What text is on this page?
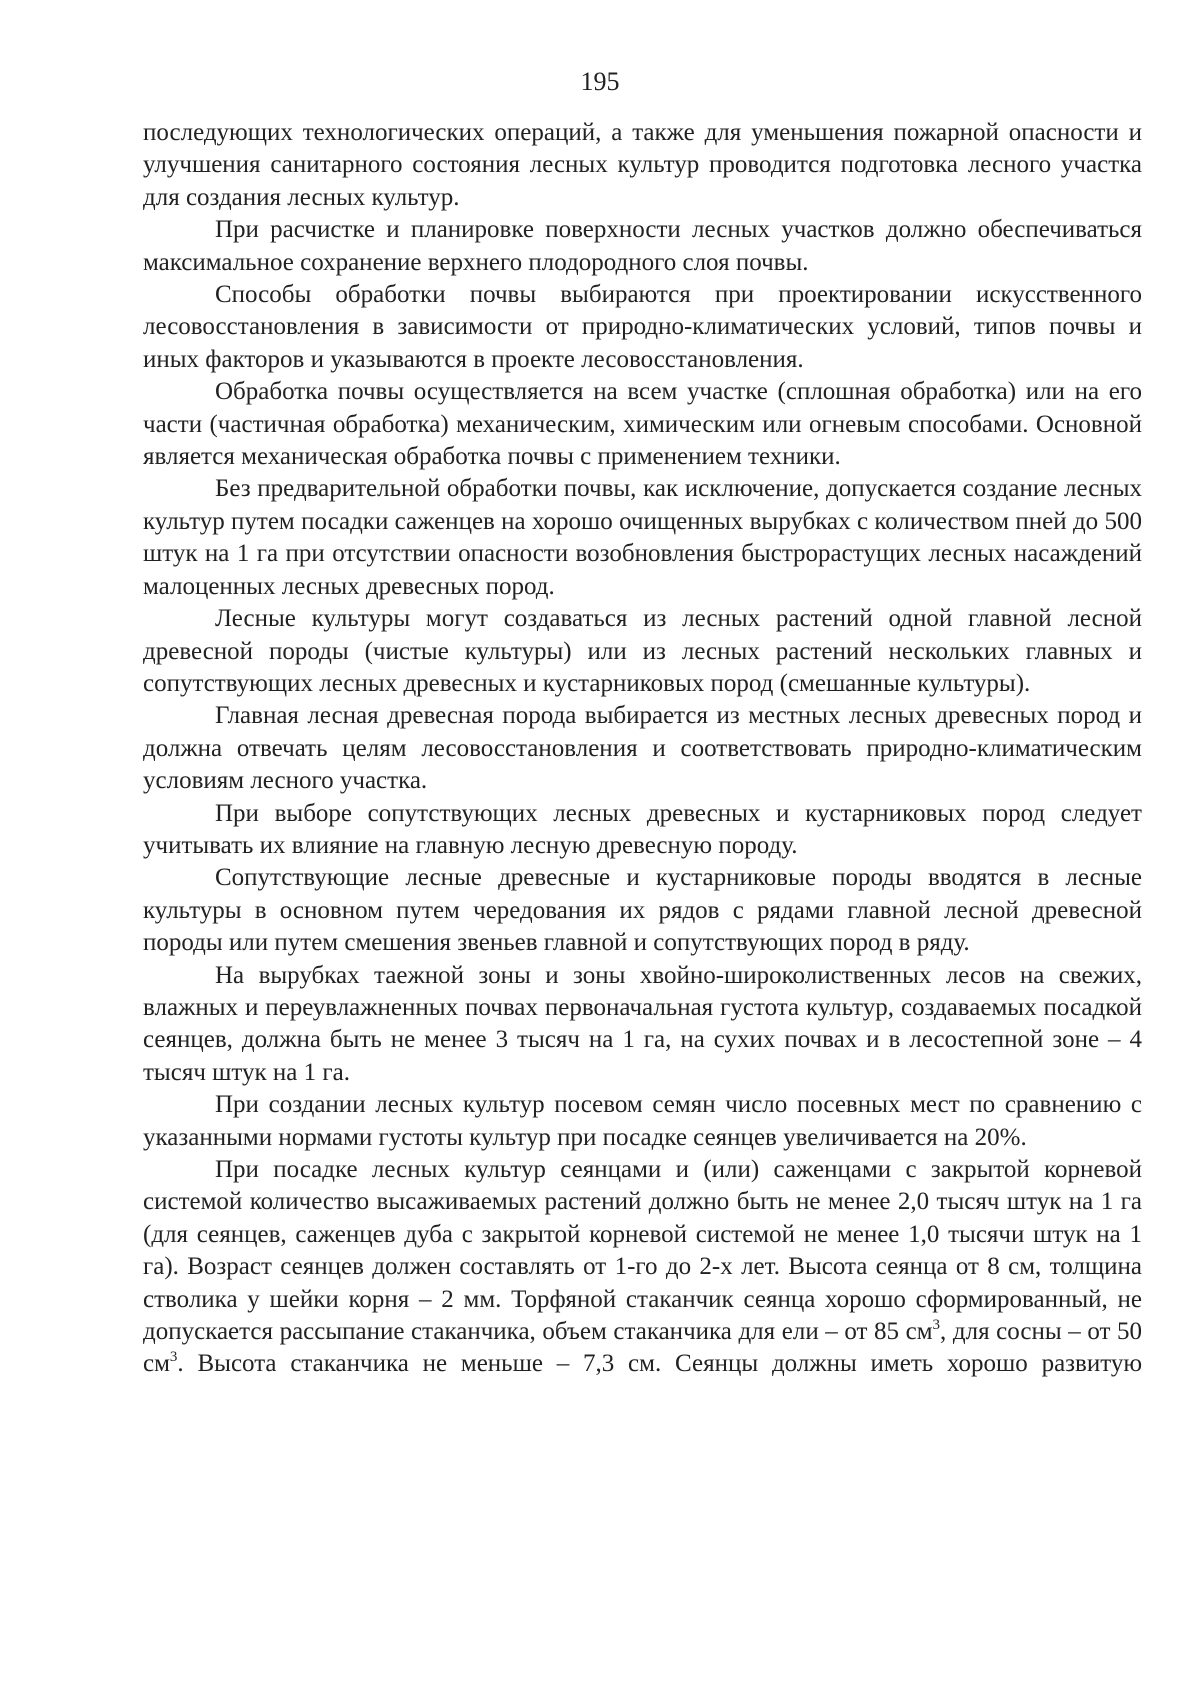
195

последующих технологических операций, а также для уменьшения пожарной опасности и улучшения санитарного состояния лесных культур проводится подготовка лесного участка для создания лесных культур.

При расчистке и планировке поверхности лесных участков должно обеспечиваться максимальное сохранение верхнего плодородного слоя почвы.

Способы обработки почвы выбираются при проектировании искусственного лесовосстановления в зависимости от природно-климатических условий, типов почвы и иных факторов и указываются в проекте лесовосстановления.

Обработка почвы осуществляется на всем участке (сплошная обработка) или на его части (частичная обработка) механическим, химическим или огневым способами. Основной является механическая обработка почвы с применением техники.

Без предварительной обработки почвы, как исключение, допускается создание лесных культур путем посадки саженцев на хорошо очищенных вырубках с количеством пней до 500 штук на 1 га при отсутствии опасности возобновления быстрорастущих лесных насаждений малоценных лесных древесных пород.

Лесные культуры могут создаваться из лесных растений одной главной лесной древесной породы (чистые культуры) или из лесных растений нескольких главных и сопутствующих лесных древесных и кустарниковых пород (смешанные культуры).

Главная лесная древесная порода выбирается из местных лесных древесных пород и должна отвечать целям лесовосстановления и соответствовать природно-климатическим условиям лесного участка.

При выборе сопутствующих лесных древесных и кустарниковых пород следует учитывать их влияние на главную лесную древесную породу.

Сопутствующие лесные древесные и кустарниковые породы вводятся в лесные культуры в основном путем чередования их рядов с рядами главной лесной древесной породы или путем смешения звеньев главной и сопутствующих пород в ряду.

На вырубках таежной зоны и зоны хвойно-широколиственных лесов на свежих, влажных и переувлажненных почвах первоначальная густота культур, создаваемых посадкой сеянцев, должна быть не менее 3 тысяч на 1 га, на сухих почвах и в лесостепной зоне – 4 тысяч штук на 1 га.

При создании лесных культур посевом семян число посевных мест по сравнению с указанными нормами густоты культур при посадке сеянцев увеличивается на 20%.

При посадке лесных культур сеянцами и (или) саженцами с закрытой корневой системой количество высаживаемых растений должно быть не менее 2,0 тысяч штук на 1 га (для сеянцев, саженцев дуба с закрытой корневой системой не менее 1,0 тысячи штук на 1 га). Возраст сеянцев должен составлять от 1-го до 2-х лет. Высота сеянца от 8 см, толщина стволика у шейки корня – 2 мм. Торфяной стаканчик сеянца хорошо сформированный, не допускается рассыпание стаканчика, объем стаканчика для ели – от 85 $см^3$, для сосны – от 50 $см^3$. Высота стаканчика не меньше – 7,3 см. Сеянцы должны иметь хорошо развитую
